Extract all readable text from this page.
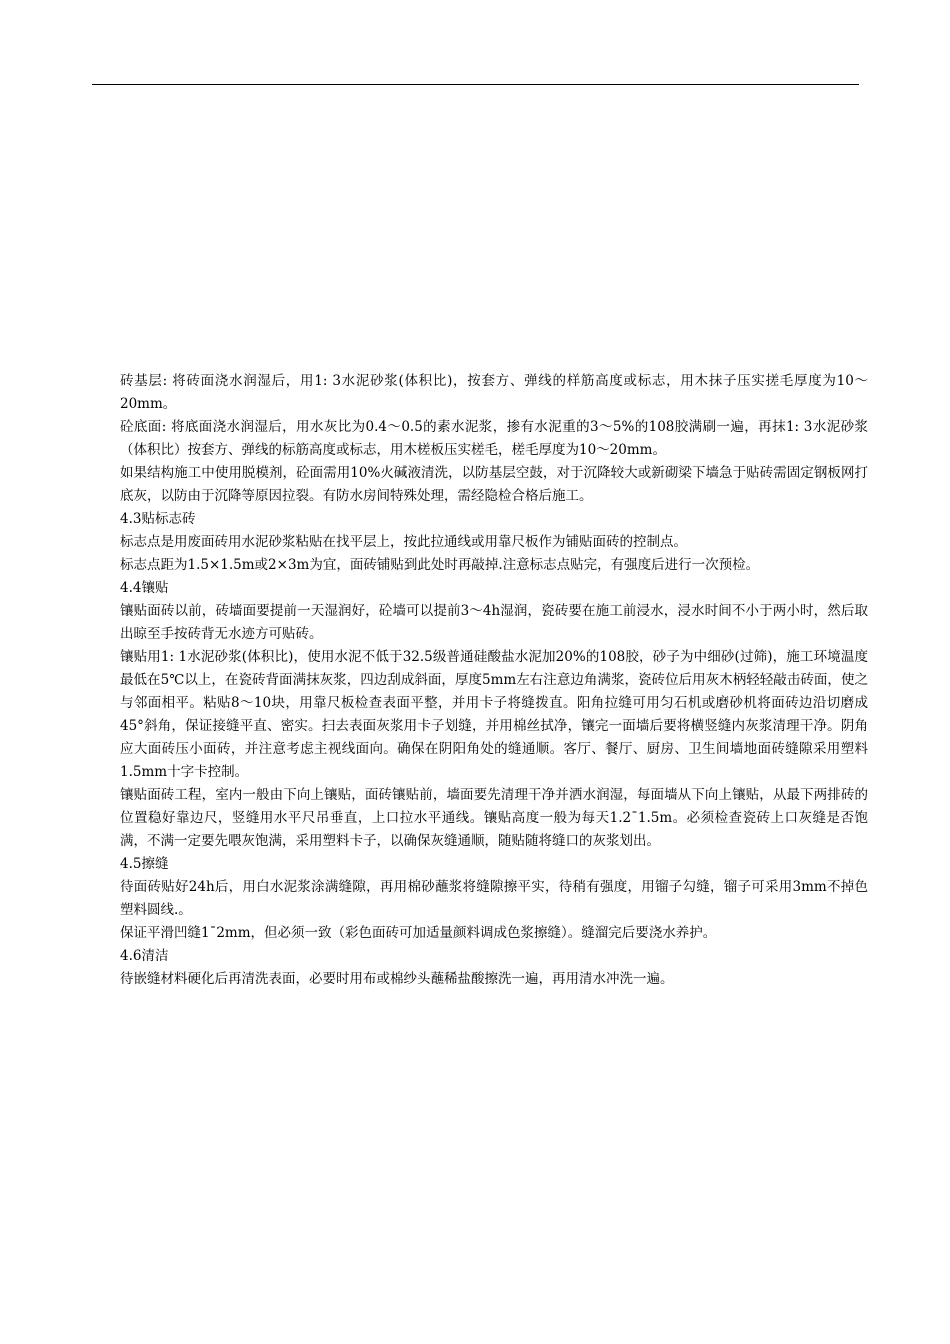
砖基层: 将砖面浇水润湿后，用1: 3水泥砂浆(体积比)，按套方、弹线的样筋高度或标志，用木抹子压实搓毛厚度为10～20mm。

砼底面: 将底面浇水润湿后，用水灰比为0.4～0.5的素水泥浆，掺有水泥重的3～5%的108胶满刷一遍，再抹1: 3水泥砂浆（体积比）按套方、弹线的标筋高度或标志，用木槎板压实槎毛，槎毛厚度为10～20mm。

如果结构施工中使用脱模剂，砼面需用10%火碱液清洗，以防基层空鼓，对于沉降较大或新砌梁下墙急于贴砖需固定钢板网打底灰，以防由于沉降等原因拉裂。有防水房间特殊处理，需经隐检合格后施工。

4.3贴标志砖

标志点是用废面砖用水泥砂浆粘贴在找平层上，按此拉通线或用靠尺板作为铺贴面砖的控制点。

标志点距为1.5×1.5m或2×3m为宜，面砖铺贴到此处时再敲掉.注意标志点贴完，有强度后进行一次预检。

4.4镶贴

镶贴面砖以前，砖墙面要提前一天湿润好，砼墙可以提前3～4h湿润，瓷砖要在施工前浸水，浸水时间不小于两小时，然后取出晾至手按砖背无水迹方可贴砖。

镶贴用1: 1水泥砂浆(体积比)，使用水泥不低于32.5级普通硅酸盐水泥加20%的108胶，砂子为中细砂(过筛)，施工环境温度最低在5℃以上，在瓷砖背面满抹灰浆，四边刮成斜面，厚度5mm左右注意边角满浆，瓷砖位后用灰木柄轻轻敲击砖面，使之与邻面相平。粘贴8～10块，用靠尺板检查表面平整，并用卡子将缝拨直。阳角拉缝可用匀石机或磨砂机将面砖边沿切磨成45°斜角，保证接缝平直、密实。扫去表面灰浆用卡子划缝，并用棉丝拭净，镶完一面墙后要将横竖缝内灰浆清理干净。阴角应大面砖压小面砖，并注意考虑主视线面向。确保在阴阳角处的缝通顺。客厅、餐厅、厨房、卫生间墙地面砖缝隙采用塑料1.5mm十字卡控制。

镶贴面砖工程，室内一般由下向上镶贴，面砖镶贴前，墙面要先清理干净并洒水润湿，每面墙从下向上镶贴，从最下两排砖的位置稳好靠边尺，竖缝用水平尺吊垂直，上口拉水平通线。镶贴高度一般为每天1.2¯1.5m。必须检查瓷砖上口灰缝是否饱满，不满一定要先喂灰饱满，采用塑料卡子，以确保灰缝通顺，随贴随将缝口的灰浆划出。

4.5擦缝

待面砖贴好24h后，用白水泥浆涂满缝隙，再用棉砂蘸浆将缝隙擦平实，待稍有强度，用镏子勾缝，镏子可采用3mm不掉色塑料圆线.。

保证平滑凹缝1¯2mm，但必须一致（彩色面砖可加适量颜料调成色浆擦缝）。缝溜完后要浇水养护。

4.6清洁

待嵌缝材料硬化后再清洗表面，必要时用布或棉纱头蘸稀盐酸擦洗一遍，再用清水冲洗一遍。
